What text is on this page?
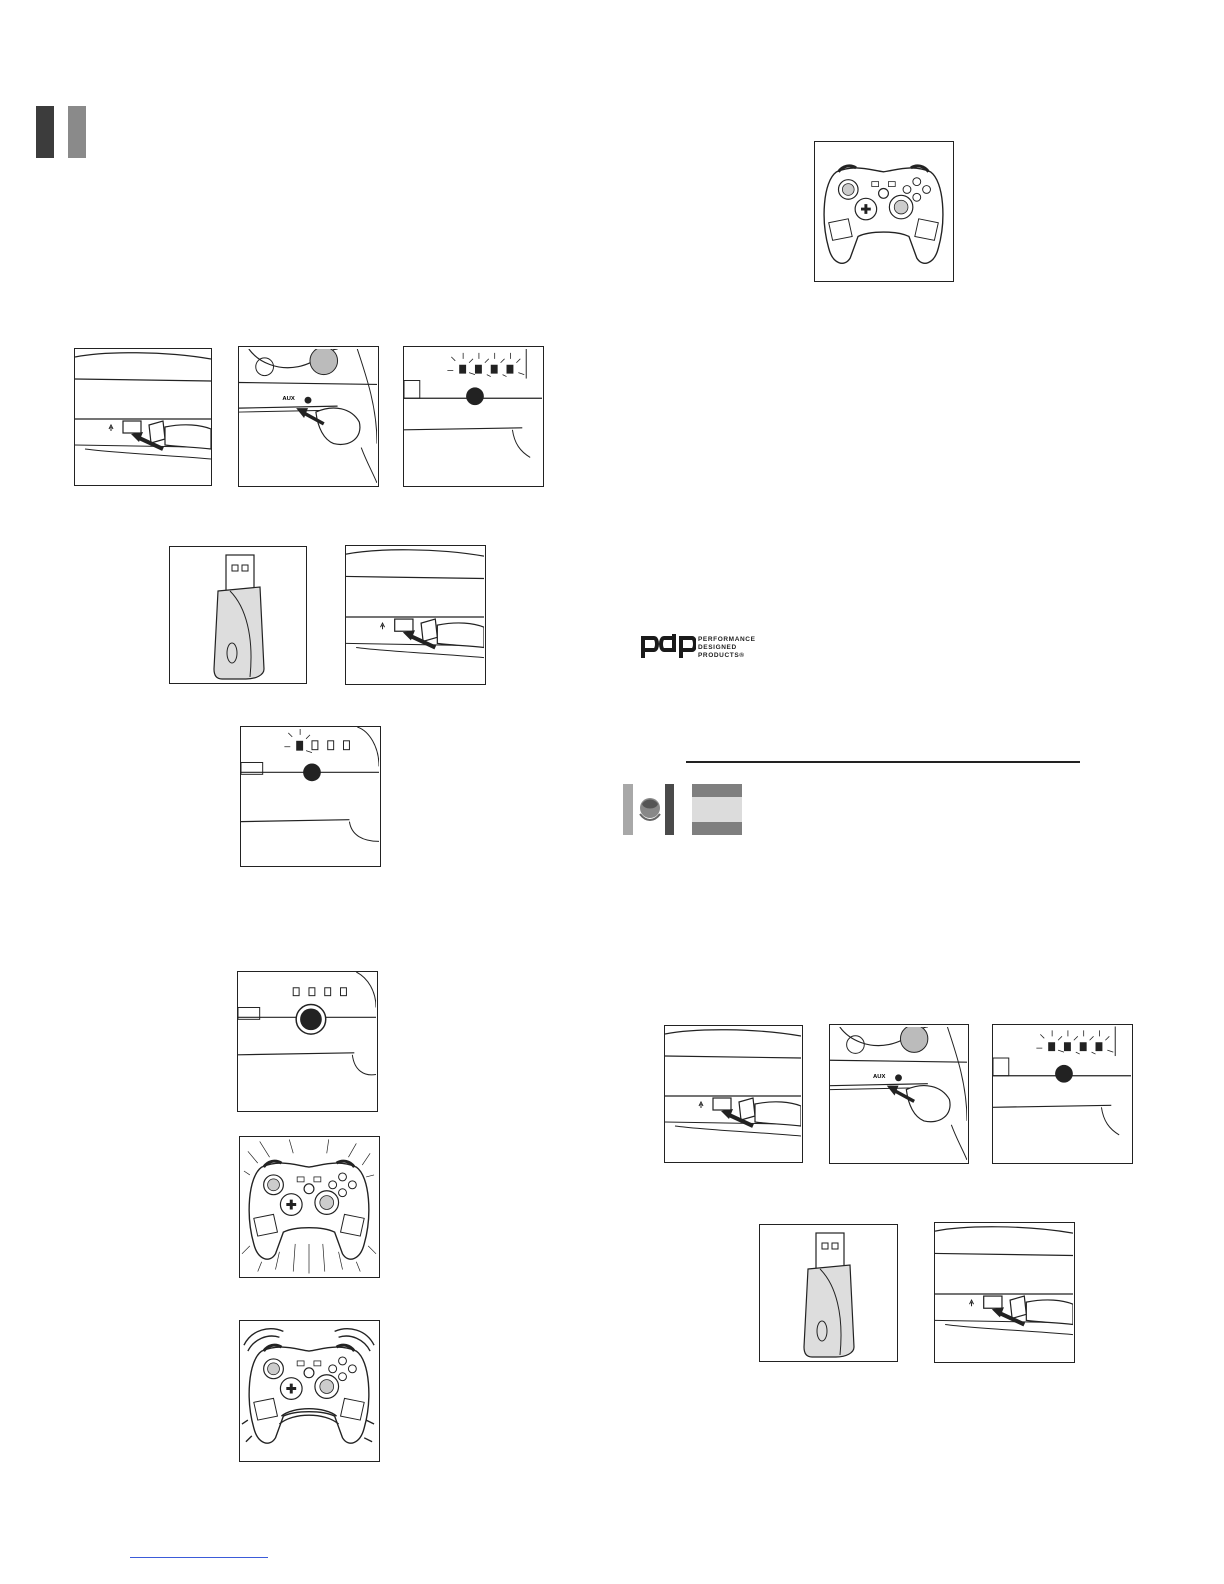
PERFORMANCE
DESIGNED
PRODUCTS®
